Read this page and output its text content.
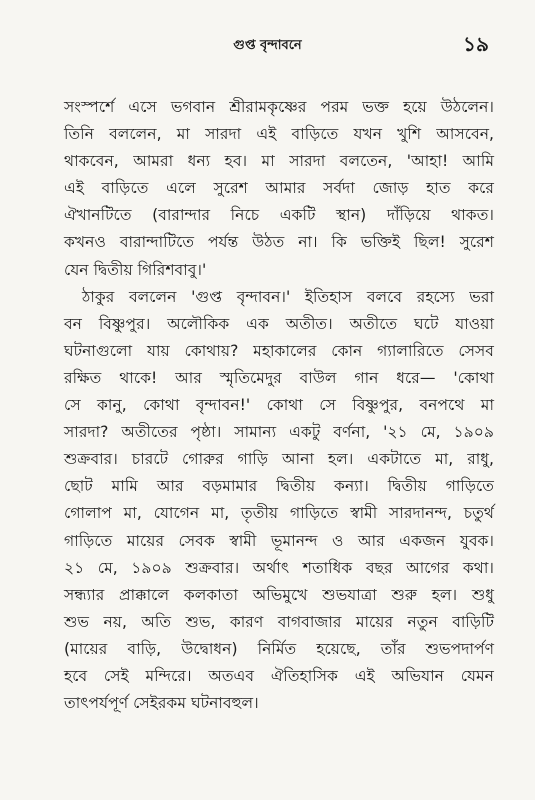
গুপ্ত বৃন্দাবনে	১৯
সংস্পর্শে এসে ভগবান শ্রীরামকৃষ্ণের পরম ভক্ত হয়ে উঠলেন।
তিনি বললেন, মা সারদা এই বাড়িতে যখন খুশি আসবেন,
থাকবেন, আমরা ধন্য হব। মা সারদা বলতেন, 'আহা! আমি
এই বাড়িতে এলে সুরেশ আমার সর্বদা জোড় হাত করে
ঐখানটিতে (বারান্দার নিচে একটি স্থান) দাঁড়িয়ে থাকত।
কখনও বারান্দাটিতে পর্যন্ত উঠত না। কি ভক্তিই ছিল! সুরেশ
যেন দ্বিতীয় গিরিশবাবু।'
ঠাকুর বললেন 'গুপ্ত বৃন্দাবন।' ইতিহাস বলবে রহস্যে ভরা
বন বিষ্ণুপুর। অলৌকিক এক অতীত। অতীতে ঘটে যাওয়া
ঘটনাগুলো যায় কোথায়? মহাকালের কোন গ্যালারিতে সেসব
রক্ষিত থাকে! আর স্মৃতিমেদুর বাউল গান ধরে— 'কোথা
সে কানু, কোথা বৃন্দাবন!' কোথা সে বিষ্ণুপুর, বনপথে মা
সারদা? অতীতের পৃষ্ঠা। সামান্য একটু বর্ণনা, '২১ মে, ১৯০৯
শুক্রবার। চারটে গোরুর গাড়ি আনা হল। একটাতে মা, রাধু,
ছোট মামি আর বড়মামার দ্বিতীয় কন্যা। দ্বিতীয় গাড়িতে
গোলাপ মা, যোগেন মা, তৃতীয় গাড়িতে স্বামী সারদানন্দ, চতুর্থ
গাড়িতে মায়ের সেবক স্বামী ভূমানন্দ ও আর একজন যুবক।
২১ মে, ১৯০৯ শুক্রবার। অর্থাৎ শতাধিক বছর আগের কথা।
সন্ধ্যার প্রাক্কালে কলকাতা অভিমুখে শুভযাত্রা শুরু হল। শুধু
শুভ নয়, অতি শুভ, কারণ বাগবাজার মায়ের নতুন বাড়িটি
(মায়ের বাড়ি, উদ্বোধন) নির্মিত হয়েছে, তাঁর শুভপদার্পণ
হবে সেই মন্দিরে। অতএব ঐতিহাসিক এই অভিযান যেমন
তাৎপর্যপূর্ণ সেইরকম ঘটনাবহুল।
